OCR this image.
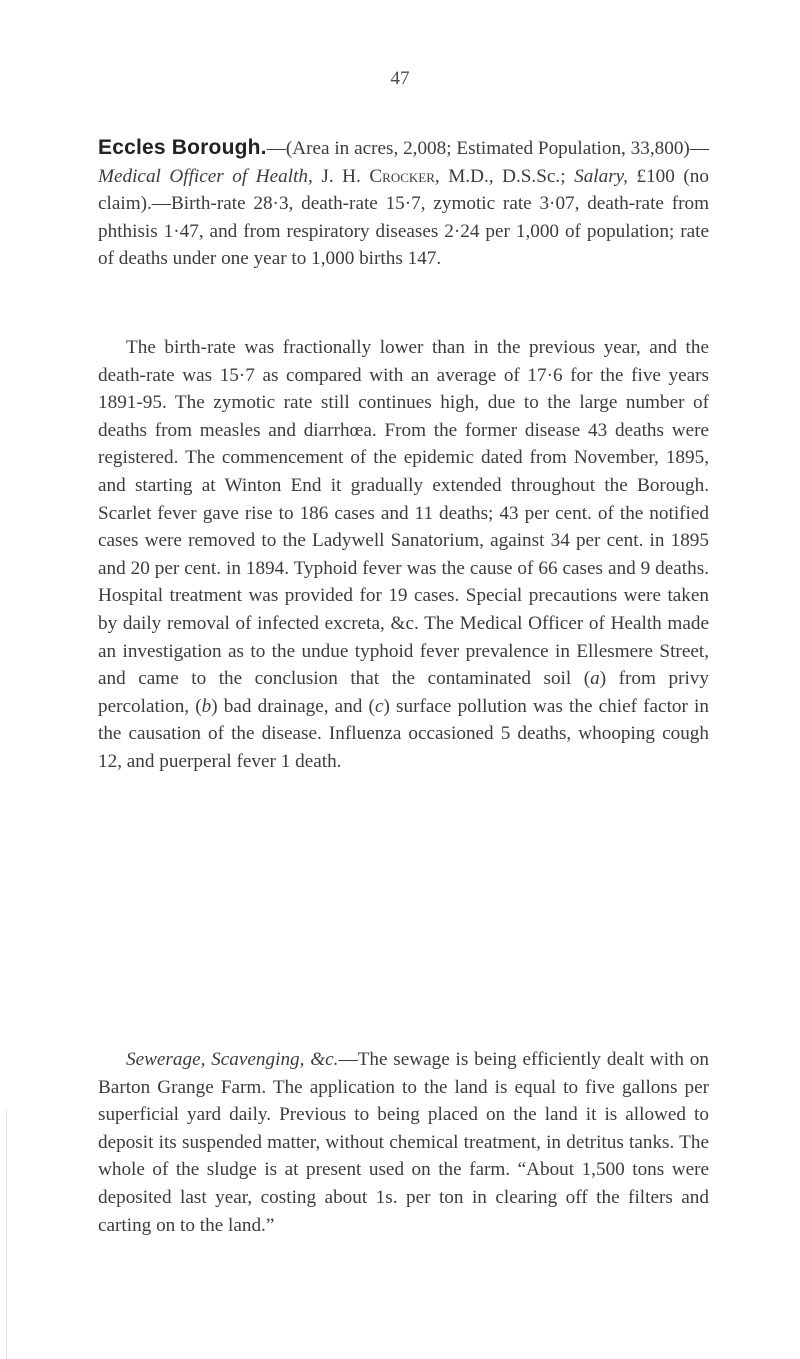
47
Eccles Borough.—(Area in acres, 2,008; Estimated Population, 33,800)—Medical Officer of Health, J. H. Crocker, M.D., D.S.Sc.; Salary, £100 (no claim).—Birth-rate 28·3, death-rate 15·7, zymotic rate 3·07, death-rate from phthisis 1·47, and from respiratory diseases 2·24 per 1,000 of population; rate of deaths under one year to 1,000 births 147.
The birth-rate was fractionally lower than in the previous year, and the death-rate was 15·7 as compared with an average of 17·6 for the five years 1891-95. The zymotic rate still continues high, due to the large number of deaths from measles and diarrhœa. From the former disease 43 deaths were registered. The commencement of the epidemic dated from November, 1895, and starting at Winton End it gradually extended throughout the Borough. Scarlet fever gave rise to 186 cases and 11 deaths; 43 per cent. of the notified cases were removed to the Ladywell Sanatorium, against 34 per cent. in 1895 and 20 per cent. in 1894. Typhoid fever was the cause of 66 cases and 9 deaths. Hospital treatment was provided for 19 cases. Special precautions were taken by daily removal of infected excreta, &c. The Medical Officer of Health made an investigation as to the undue typhoid fever prevalence in Ellesmere Street, and came to the conclusion that the contaminated soil (a) from privy percolation, (b) bad drainage, and (c) surface pollution was the chief factor in the causation of the disease. Influenza occasioned 5 deaths, whooping cough 12, and puerperal fever 1 death.
Sewerage, Scavenging, &c.—The sewage is being efficiently dealt with on Barton Grange Farm. The application to the land is equal to five gallons per superficial yard daily. Previous to being placed on the land it is allowed to deposit its suspended matter, without chemical treatment, in detritus tanks. The whole of the sludge is at present used on the farm. “About 1,500 tons were deposited last year, costing about 1s. per ton in clearing off the filters and carting on to the land.”
